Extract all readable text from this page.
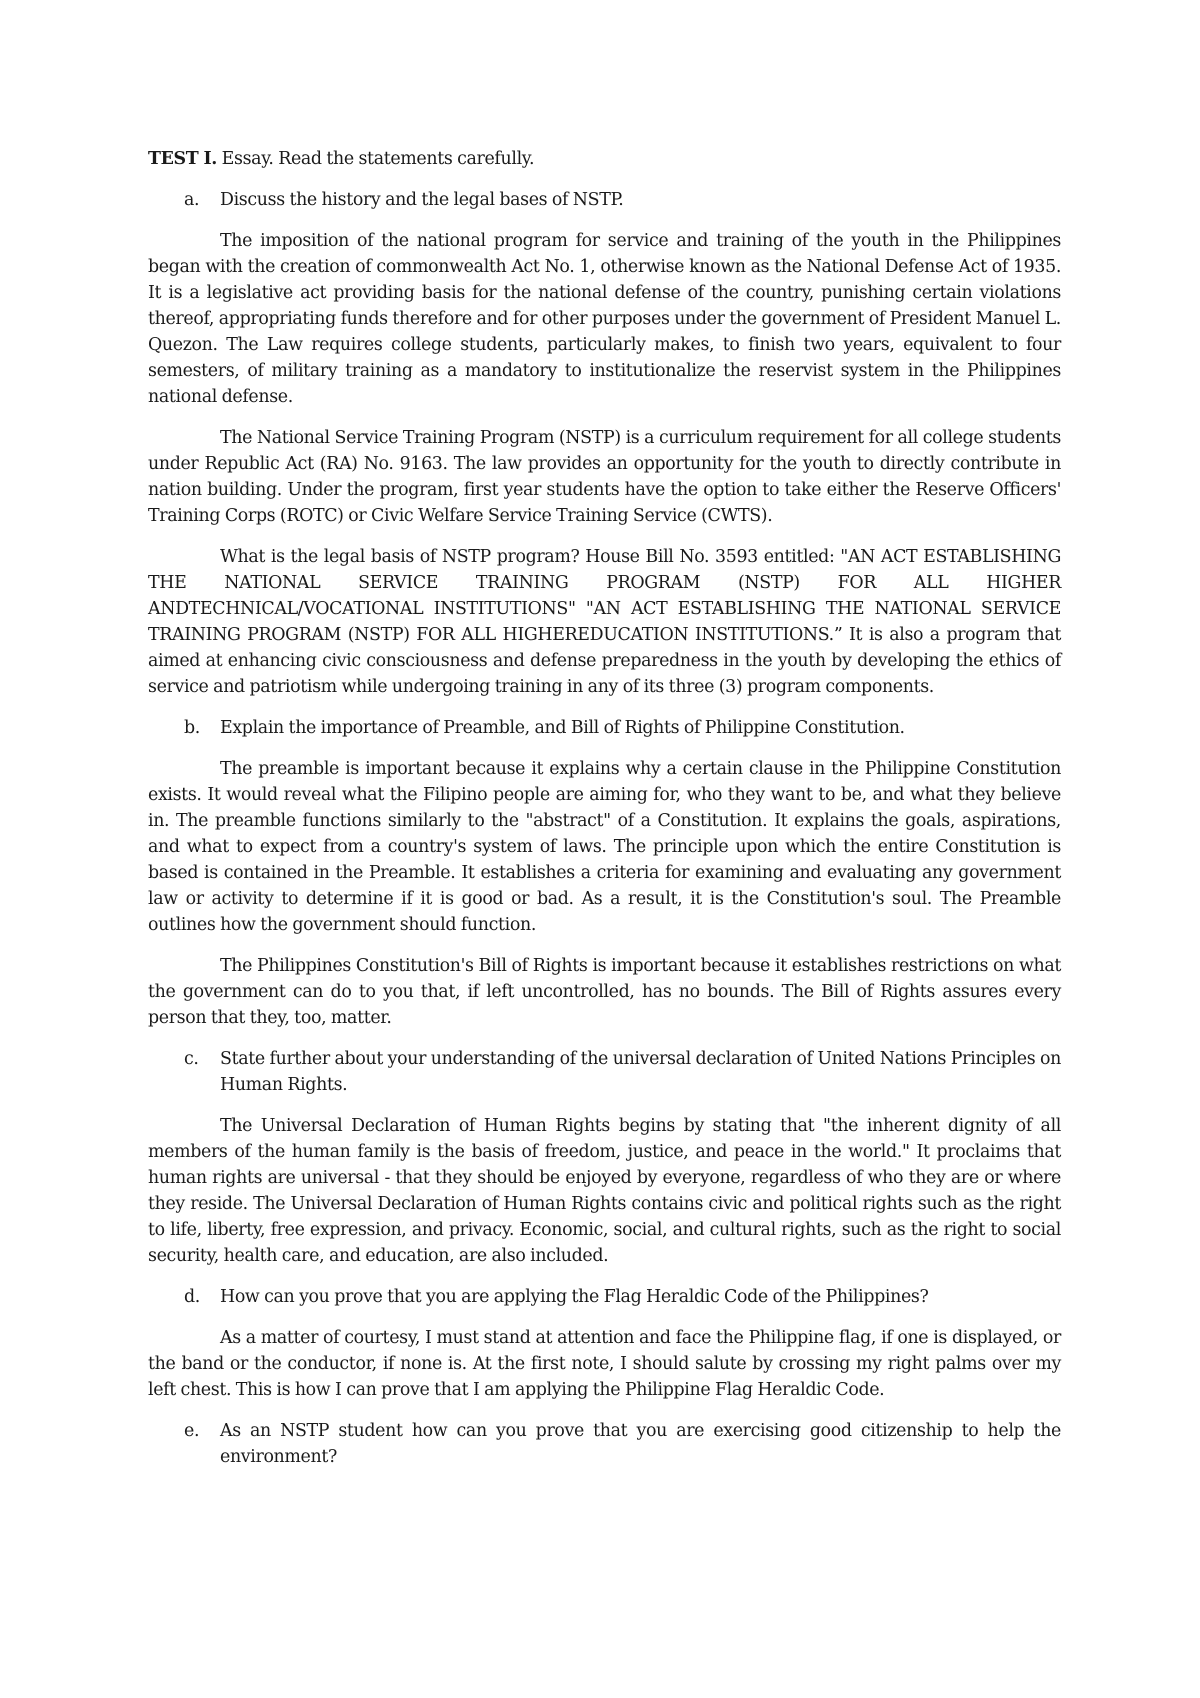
TEST I. Essay. Read the statements carefully.

a. Discuss the history and the legal bases of NSTP.

The imposition of the national program for service and training of the youth in the Philippines began with the creation of commonwealth Act No. 1, otherwise known as the National Defense Act of 1935. It is a legislative act providing basis for the national defense of the country, punishing certain violations thereof, appropriating funds therefore and for other purposes under the government of President Manuel L. Quezon. The Law requires college students, particularly makes, to finish two years, equivalent to four semesters, of military training as a mandatory to institutionalize the reservist system in the Philippines national defense.

The National Service Training Program (NSTP) is a curriculum requirement for all college students under Republic Act (RA) No. 9163. The law provides an opportunity for the youth to directly contribute in nation building. Under the program, first year students have the option to take either the Reserve Officers' Training Corps (ROTC) or Civic Welfare Service Training Service (CWTS).

What is the legal basis of NSTP program? House Bill No. 3593 entitled: "AN ACT ESTABLISHING THE NATIONAL SERVICE TRAINING PROGRAM (NSTP) FOR ALL HIGHER ANDTECHNICAL/VOCATIONAL INSTITUTIONS" "AN ACT ESTABLISHING THE NATIONAL SERVICE TRAINING PROGRAM (NSTP) FOR ALL HIGHEREDUCATION INSTITUTIONS.” It is also a program that aimed at enhancing civic consciousness and defense preparedness in the youth by developing the ethics of service and patriotism while undergoing training in any of its three (3) program components.

b. Explain the importance of Preamble, and Bill of Rights of Philippine Constitution.

The preamble is important because it explains why a certain clause in the Philippine Constitution exists. It would reveal what the Filipino people are aiming for, who they want to be, and what they believe in. The preamble functions similarly to the "abstract" of a Constitution. It explains the goals, aspirations, and what to expect from a country's system of laws. The principle upon which the entire Constitution is based is contained in the Preamble. It establishes a criteria for examining and evaluating any government law or activity to determine if it is good or bad. As a result, it is the Constitution's soul. The Preamble outlines how the government should function.

The Philippines Constitution's Bill of Rights is important because it establishes restrictions on what the government can do to you that, if left uncontrolled, has no bounds. The Bill of Rights assures every person that they, too, matter.

c. State further about your understanding of the universal declaration of United Nations Principles on Human Rights.

The Universal Declaration of Human Rights begins by stating that "the inherent dignity of all members of the human family is the basis of freedom, justice, and peace in the world." It proclaims that human rights are universal - that they should be enjoyed by everyone, regardless of who they are or where they reside. The Universal Declaration of Human Rights contains civic and political rights such as the right to life, liberty, free expression, and privacy. Economic, social, and cultural rights, such as the right to social security, health care, and education, are also included.

d. How can you prove that you are applying the Flag Heraldic Code of the Philippines?

As a matter of courtesy, I must stand at attention and face the Philippine flag, if one is displayed, or the band or the conductor, if none is. At the first note, I should salute by crossing my right palms over my left chest. This is how I can prove that I am applying the Philippine Flag Heraldic Code.

e. As an NSTP student how can you prove that you are exercising good citizenship to help the environment?
